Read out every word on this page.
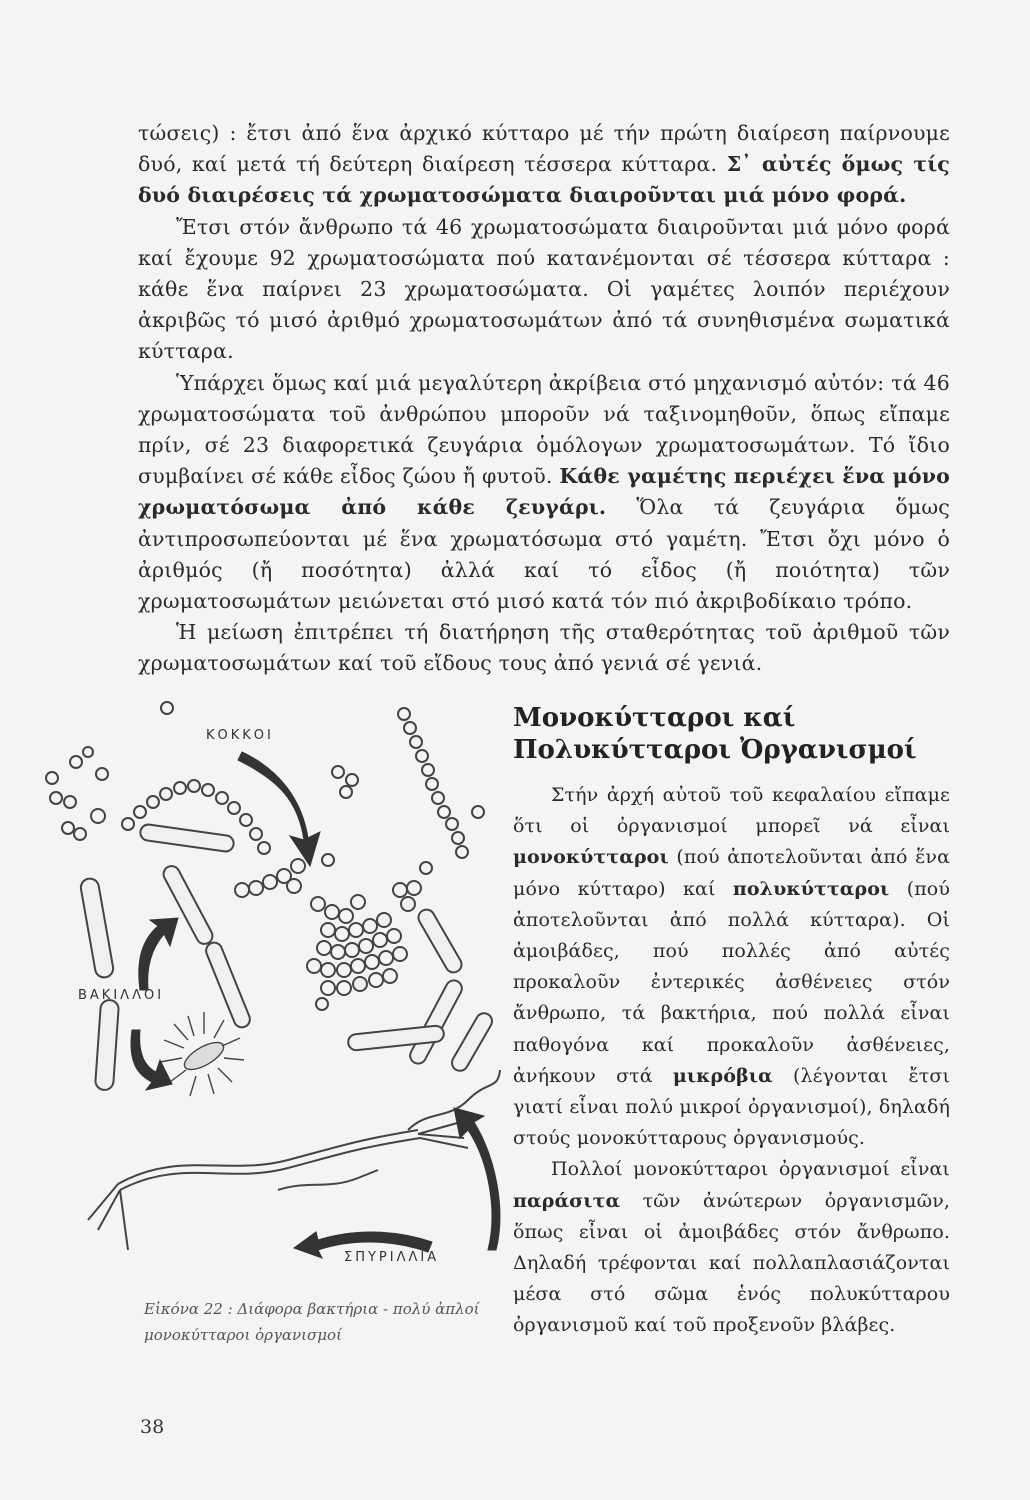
τώσεις) : ἔτσι ἀπό ἕνα ἀρχικό κύτταρο μέ τήν πρώτη διαίρεση παίρνουμε δυό, καί μετά τή δεύτερη διαίρεση τέσσερα κύτταρα. Σ᾽ αὐτές ὅμως τίς δυό διαιρέσεις τά χρωματοσώματα διαιροῦνται μιά μόνο φορά.

Ἔτσι στόν ἄνθρωπο τά 46 χρωματοσώματα διαιροῦνται μιά μόνο φορά καί ἔχουμε 92 χρωματοσώματα πού κατανέμονται σέ τέσσερα κύτταρα : κάθε ἕνα παίρνει 23 χρωματοσώματα. Οἱ γαμέτες λοιπόν περιέχουν ἀκριβῶς τό μισό ἀριθμό χρωματοσωμάτων ἀπό τά συνηθισμένα σωματικά κύτταρα.

Ὑπάρχει ὅμως καί μιά μεγαλύτερη ἀκρίβεια στό μηχανισμό αὐτόν: τά 46 χρωματοσώματα τοῦ ἀνθρώπου μποροῦν νά ταξινομηθοῦν, ὅπως εἴπαμε πρίν, σέ 23 διαφορετικά ζευγάρια ὁμόλογων χρωματοσωμάτων. Τό ἴδιο συμβαίνει σέ κάθε εἶδος ζώου ἤ φυτοῦ. Κάθε γαμέτης περιέχει ἕνα μόνο χρωματόσωμα ἀπό κάθε ζευγάρι. Ὅλα τά ζευγάρια ὅμως ἀντιπροσωπεύονται μέ ἕνα χρωματόσωμα στό γαμέτη. Ἔτσι ὄχι μόνο ὁ ἀριθμός (ἤ ποσότητα) ἀλλά καί τό εἶδος (ἤ ποιότητα) τῶν χρωματοσωμάτων μειώνεται στό μισό κατά τόν πιό ἀκριβοδίκαιο τρόπο.

Ἡ μείωση ἐπιτρέπει τή διατήρηση τῆς σταθερότητας τοῦ ἀριθμοῦ τῶν χρωματοσωμάτων καί τοῦ εἴδους τους ἀπό γενιά σέ γενιά.

ΚΟΚΚΟΙ
ΒΑΚΙΛΛΟΙ
ΣΠΥΡΙΛΛΙΑ
Εἰκόνα 22 : Διάφορα βακτήρια - πολύ ἁπλοί μονοκύτταροι ὀργανισμοί
Μονοκύτταροι καί Πολυκύτταροι Ὀργανισμοί

Στήν ἀρχή αὐτοῦ τοῦ κεφαλαίου εἴπαμε ὅτι οἱ ὀργανισμοί μπορεῖ νά εἶναι μονοκύτταροι (πού ἀποτελοῦνται ἀπό ἕνα μόνο κύτταρο) καί πολυκύτταροι (πού ἀποτελοῦνται ἀπό πολλά κύτταρα). Οἱ ἀμοιβάδες, πού πολλές ἀπό αὐτές προκαλοῦν ἐντερικές ἀσθένειες στόν ἄνθρωπο, τά βακτήρια, πού πολλά εἶναι παθογόνα καί προκαλοῦν ἀσθένειες, ἀνήκουν στά μικρόβια (λέγονται ἔτσι γιατί εἶναι πολύ μικροί ὀργανισμοί), δηλαδή στούς μονοκύτταρους ὀργανισμούς.

Πολλοί μονοκύτταροι ὀργανισμοί εἶναι παράσιτα τῶν ἀνώτερων ὀργανισμῶν, ὅπως εἶναι οἱ ἀμοιβάδες στόν ἄνθρωπο. Δηλαδή τρέφονται καί πολλαπλασιάζονται μέσα στό σῶμα ἑνός πολυκύτταρου ὀργανισμοῦ καί τοῦ προξενοῦν βλάβες.

38
